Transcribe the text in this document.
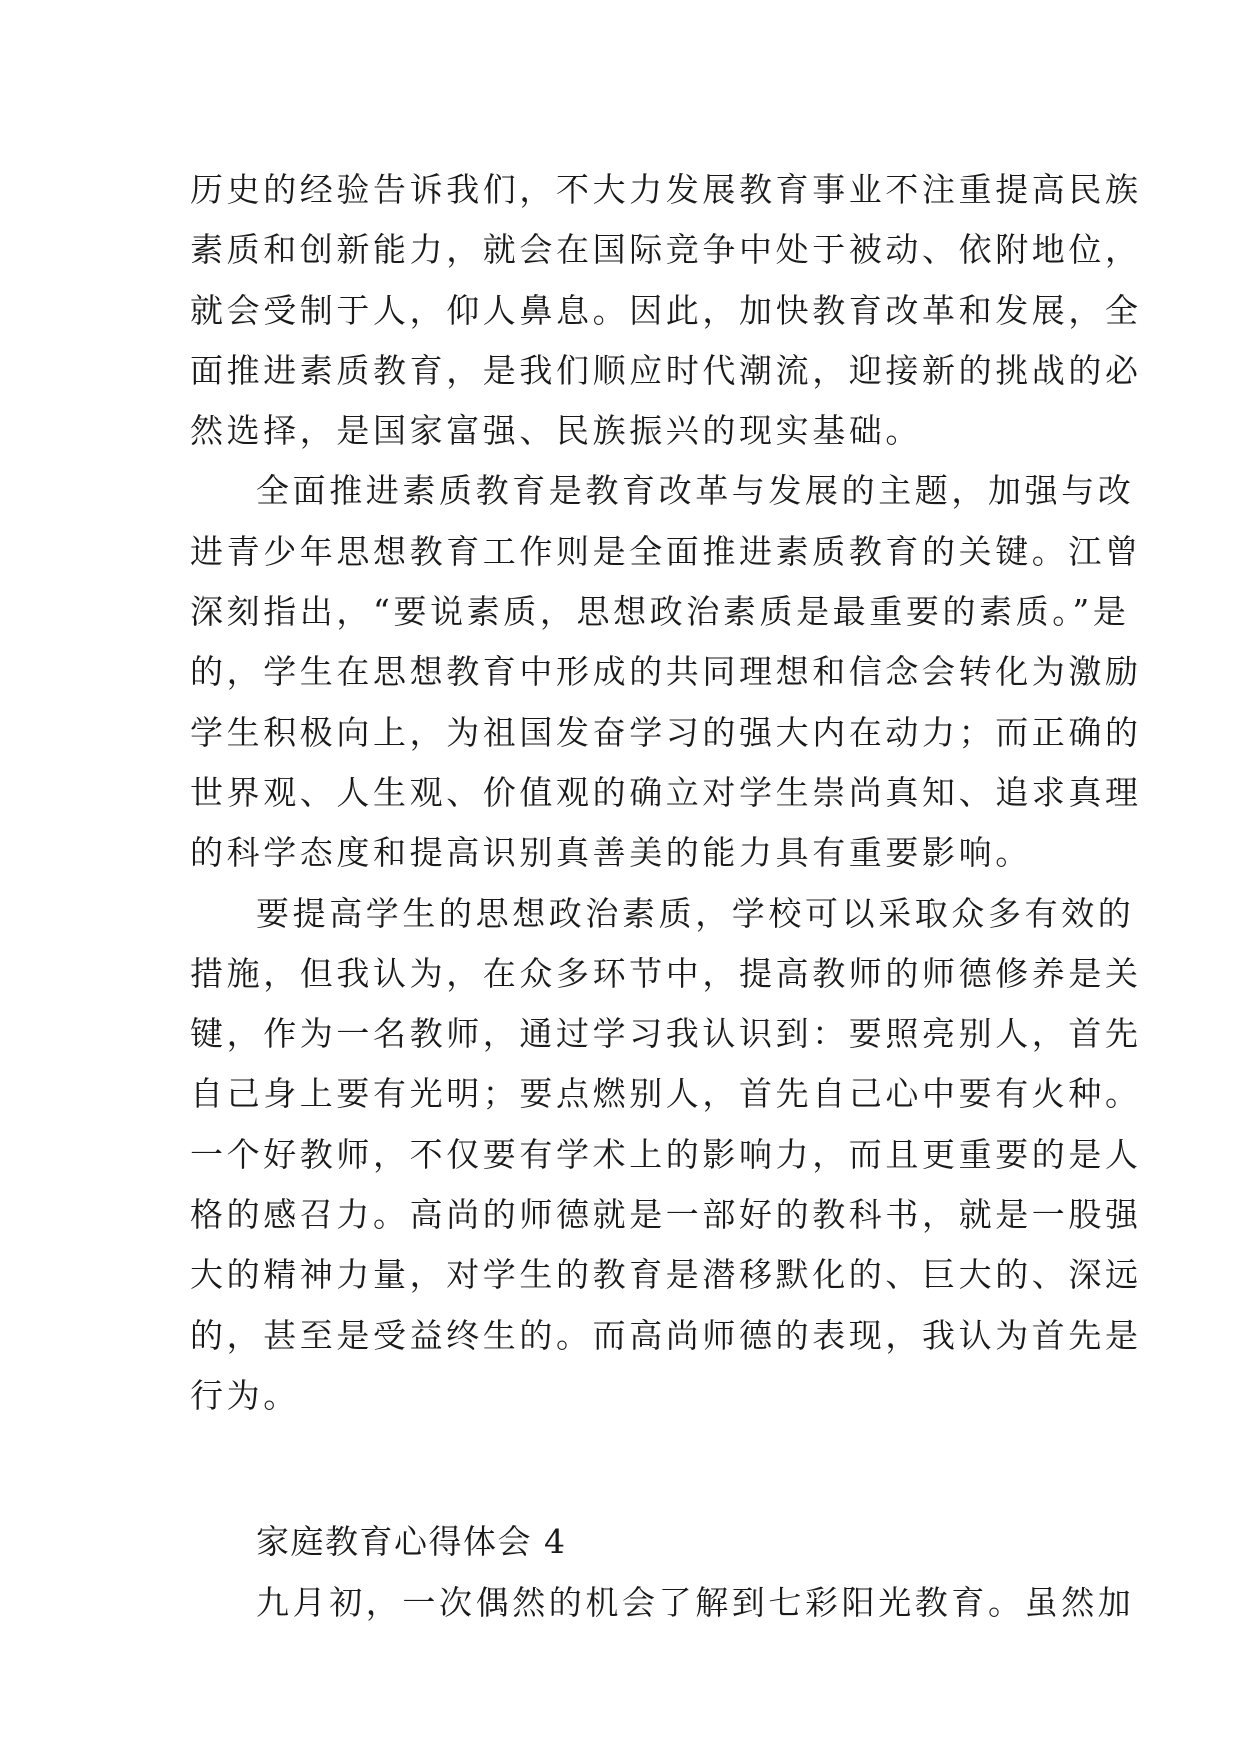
历史的经验告诉我们，不大力发展教育事业不注重提高民族
素质和创新能力，就会在国际竞争中处于被动、依附地位，
就会受制于人，仰人鼻息。因此，加快教育改革和发展，全
面推进素质教育，是我们顺应时代潮流，迎接新的挑战的必
然选择，是国家富强、民族振兴的现实基础。
全面推进素质教育是教育改革与发展的主题，加强与改
进青少年思想教育工作则是全面推进素质教育的关键。江曾
深刻指出，“要说素质，思想政治素质是最重要的素质。”是
的，学生在思想教育中形成的共同理想和信念会转化为激励
学生积极向上，为祖国发奋学习的强大内在动力；而正确的
世界观、人生观、价值观的确立对学生崇尚真知、追求真理
的科学态度和提高识别真善美的能力具有重要影响。
要提高学生的思想政治素质，学校可以采取众多有效的
措施，但我认为，在众多环节中，提高教师的师德修养是关
键，作为一名教师，通过学习我认识到：要照亮别人，首先
自己身上要有光明；要点燃别人，首先自己心中要有火种。
一个好教师，不仅要有学术上的影响力，而且更重要的是人
格的感召力。高尚的师德就是一部好的教科书，就是一股强
大的精神力量，对学生的教育是潜移默化的、巨大的、深远
的，甚至是受益终生的。而高尚师德的表现，我认为首先是
行为。
家庭教育心得体会 4
九月初，一次偶然的机会了解到七彩阳光教育。虽然加
